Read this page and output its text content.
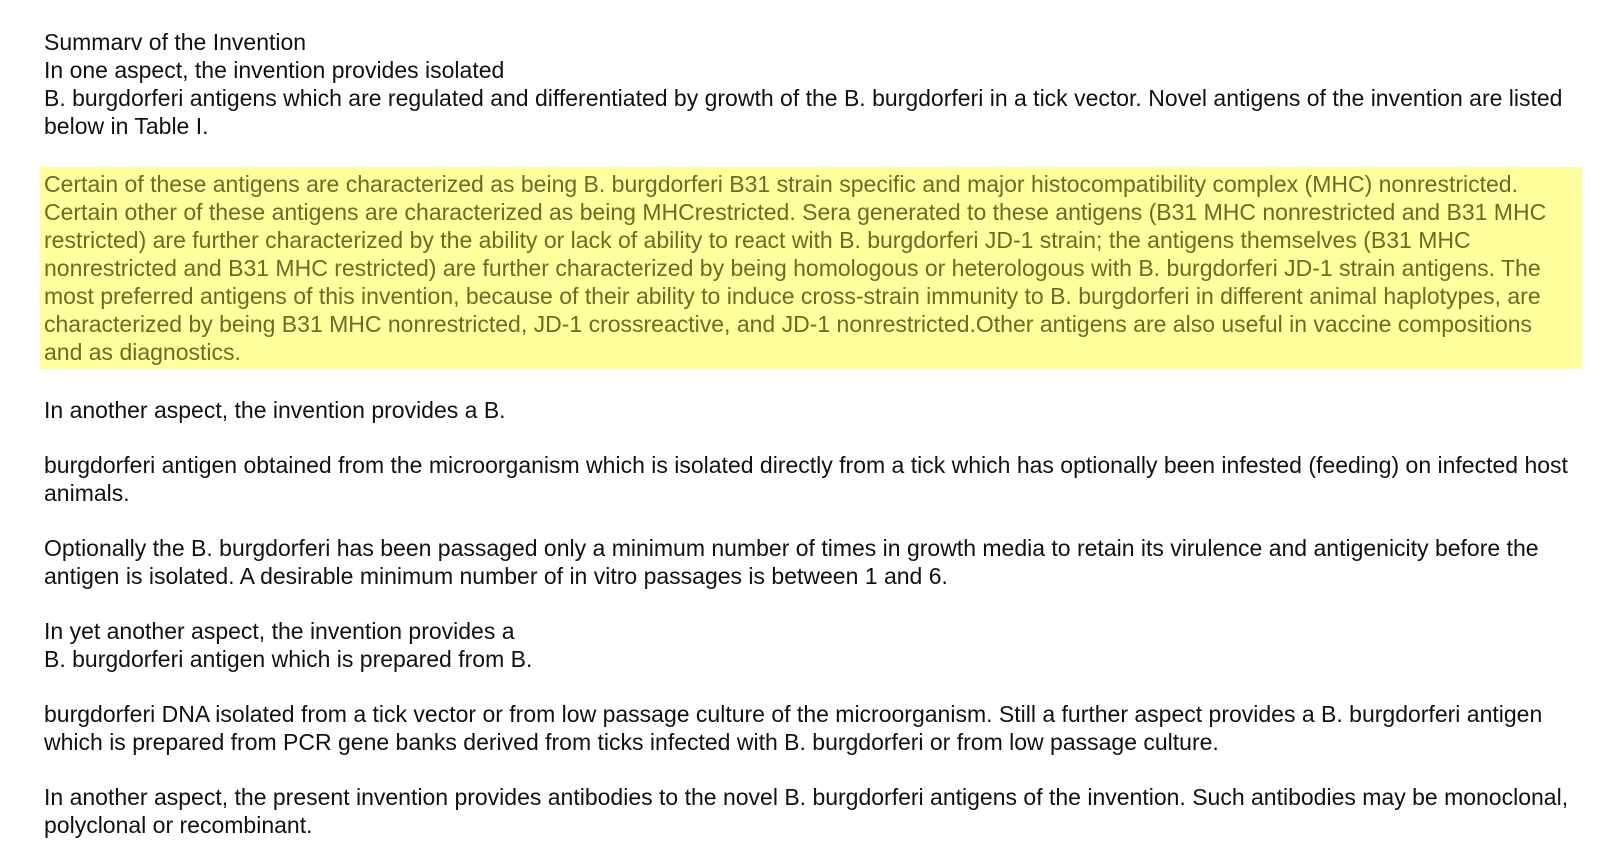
Summarv of the Invention

In one aspect, the invention provides isolated
B. burgdorferi antigens which are regulated and differentiated by growth of the B. burgdorferi in a tick vector. Novel antigens of the invention are listed below in Table I.

Certain of these antigens are characterized as being B. burgdorferi B31 strain specific and major histocompatibility complex (MHC) nonrestricted. Certain other of these antigens are characterized as being MHCrestricted. Sera generated to these antigens (B31 MHC nonrestricted and B31 MHC restricted) are further characterized by the ability or lack of ability to react with B. burgdorferi JD-1 strain; the antigens themselves (B31 MHC nonrestricted and B31 MHC restricted) are further characterized by being homologous or heterologous with B. burgdorferi JD-1 strain antigens. The most preferred antigens of this invention, because of their ability to induce cross-strain immunity to B. burgdorferi in different animal haplotypes, are characterized by being B31 MHC nonrestricted, JD-1 crossreactive, and JD-1 nonrestricted.Other antigens are also useful in vaccine compositions and as diagnostics.

In another aspect, the invention provides a B.

burgdorferi antigen obtained from the microorganism which is isolated directly from a tick which has optionally been infested (feeding) on infected host animals.

Optionally the B. burgdorferi has been passaged only a minimum number of times in growth media to retain its virulence and antigenicity before the antigen is isolated. A desirable minimum number of in vitro passages is between 1 and 6.

In yet another aspect, the invention provides a
B. burgdorferi antigen which is prepared from B.

burgdorferi DNA isolated from a tick vector or from low passage culture of the microorganism. Still a further aspect provides a B. burgdorferi antigen which is prepared from PCR gene banks derived from ticks infected with B. burgdorferi or from low passage culture.

In another aspect, the present invention provides antibodies to the novel B. burgdorferi antigens of the invention. Such antibodies may be monoclonal, polyclonal or recombinant.
